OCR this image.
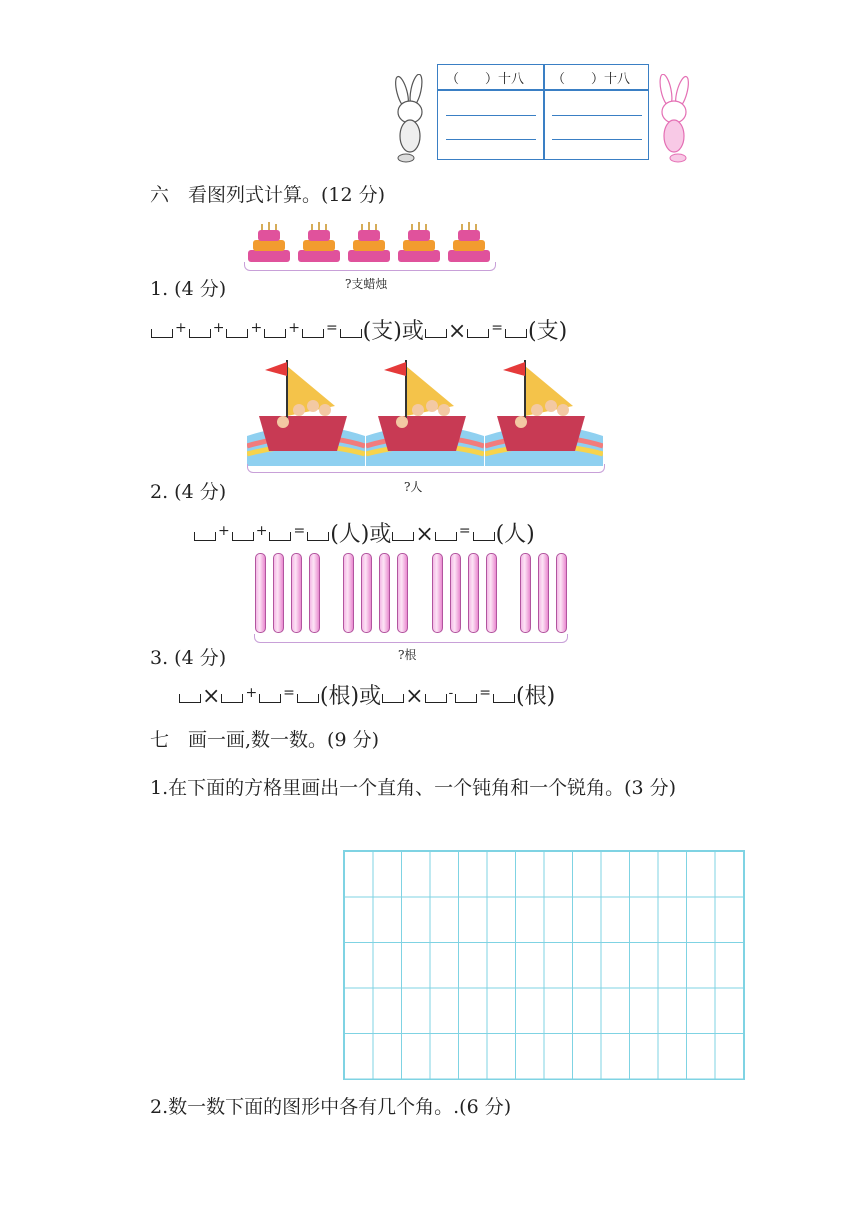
（　　）十八 （　　）十八
六　看图列式计算。(12 分)
?支蜡烛
1. (4 分)
+ + + + = (支)或 × = (支)
?人
2. (4 分)
+ + = (人)或 × = (人)
?根
3. (4 分)
× + = (根)或 × - = (根)
七　画一画,数一数。(9 分)
1.在下面的方格里画出一个直角、一个钝角和一个锐角。(3 分)
2.数一数下面的图形中各有几个角。.(6 分)
